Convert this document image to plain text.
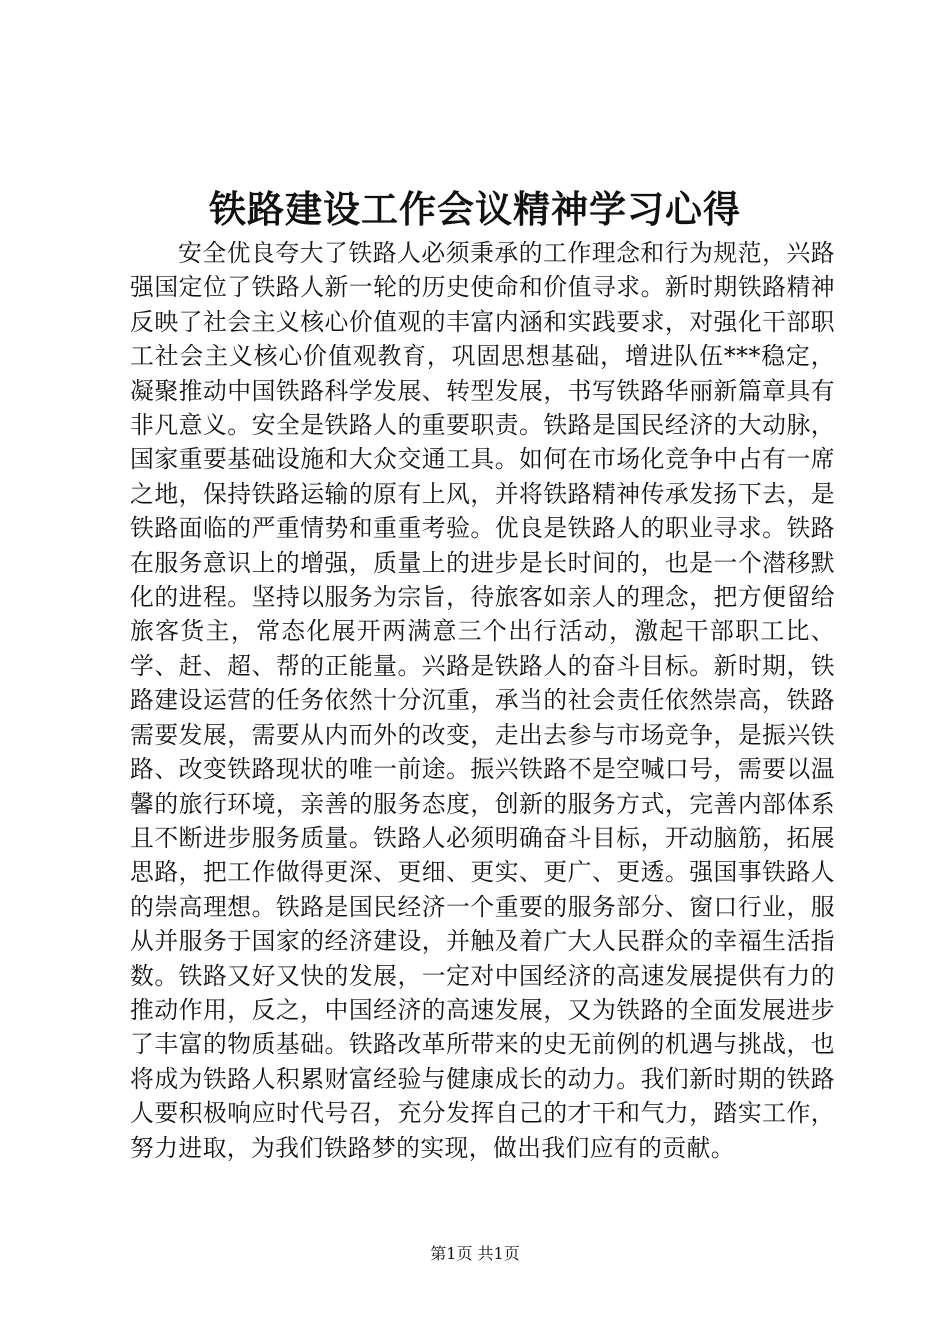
铁路建设工作会议精神学习心得

安全优良夸大了铁路人必须秉承的工作理念和行为规范，兴路强国定位了铁路人新一轮的历史使命和价值寻求。新时期铁路精神反映了社会主义核心价值观的丰富内涵和实践要求，对强化干部职工社会主义核心价值观教育，巩固思想基础，增进队伍***稳定，凝聚推动中国铁路科学发展、转型发展，书写铁路华丽新篇章具有非凡意义。安全是铁路人的重要职责。铁路是国民经济的大动脉，国家重要基础设施和大众交通工具。如何在市场化竞争中占有一席之地，保持铁路运输的原有上风，并将铁路精神传承发扬下去，是铁路面临的严重情势和重重考验。优良是铁路人的职业寻求。铁路在服务意识上的增强，质量上的进步是长时间的，也是一个潜移默化的进程。坚持以服务为宗旨，待旅客如亲人的理念，把方便留给旅客货主，常态化展开两满意三个出行活动，激起干部职工比、学、赶、超、帮的正能量。兴路是铁路人的奋斗目标。新时期，铁路建设运营的任务依然十分沉重，承当的社会责任依然崇高，铁路需要发展，需要从内而外的改变，走出去参与市场竞争，是振兴铁路、改变铁路现状的唯一前途。振兴铁路不是空喊口号，需要以温馨的旅行环境，亲善的服务态度，创新的服务方式，完善内部体系且不断进步服务质量。铁路人必须明确奋斗目标，开动脑筋，拓展思路，把工作做得更深、更细、更实、更广、更透。强国事铁路人的崇高理想。铁路是国民经济一个重要的服务部分、窗口行业，服从并服务于国家的经济建设，并触及着广大人民群众的幸福生活指数。铁路又好又快的发展，一定对中国经济的高速发展提供有力的推动作用，反之，中国经济的高速发展，又为铁路的全面发展进步了丰富的物质基础。铁路改革所带来的史无前例的机遇与挑战，也将成为铁路人积累财富经验与健康成长的动力。我们新时期的铁路人要积极响应时代号召，充分发挥自己的才干和气力，踏实工作，努力进取，为我们铁路梦的实现，做出我们应有的贡献。

第1页 共1页
